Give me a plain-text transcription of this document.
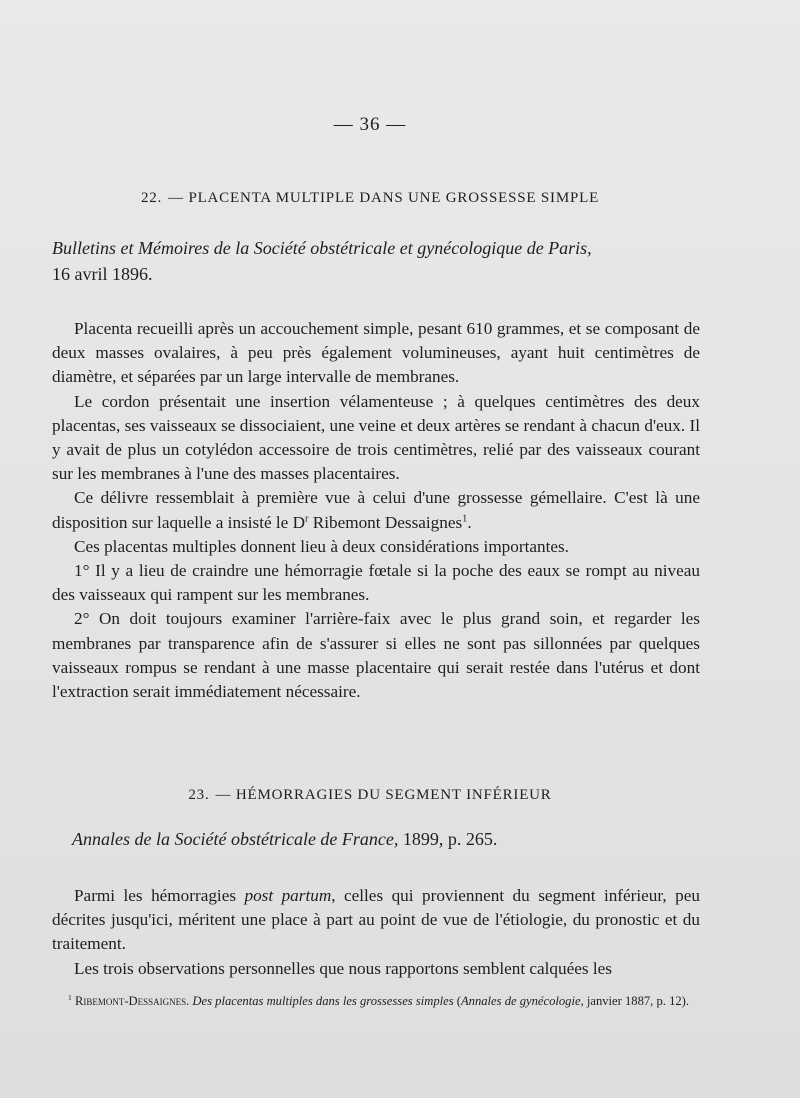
— 36 —
22. — PLACENTA MULTIPLE DANS UNE GROSSESSE SIMPLE
Bulletins et Mémoires de la Société obstétricale et gynécologique de Paris,
16 avril 1896.

Placenta recueilli après un accouchement simple, pesant 610 grammes, et se composant de deux masses ovalaires, à peu près également volumineuses, ayant huit centimètres de diamètre, et séparées par un large intervalle de membranes.

Le cordon présentait une insertion vélamenteuse ; à quelques centimètres des deux placentas, ses vaisseaux se dissociaient, une veine et deux artères se rendant à chacun d'eux. Il y avait de plus un cotylédon accessoire de trois centimètres, relié par des vaisseaux courant sur les membranes à l'une des masses placentaires.

Ce délivre ressemblait à première vue à celui d'une grossesse gémellaire. C'est là une disposition sur laquelle a insisté le $D^r$ Ribemont Dessaignes$^1$.

Ces placentas multiples donnent lieu à deux considérations importantes.

1° Il y a lieu de craindre une hémorragie fœtale si la poche des eaux se rompt au niveau des vaisseaux qui rampent sur les membranes.

2° On doit toujours examiner l'arrière-faix avec le plus grand soin, et regarder les membranes par transparence afin de s'assurer si elles ne sont pas sillonnées par quelques vaisseaux rompus se rendant à une masse placentaire qui serait restée dans l'utérus et dont l'extraction serait immédiatement nécessaire.

23. — HÉMORRAGIES DU SEGMENT INFÉRIEUR
Annales de la Société obstétricale de France, 1899, p. 265.

Parmi les hémorragies post partum, celles qui proviennent du segment inférieur, peu décrites jusqu'ici, méritent une place à part au point de vue de l'étiologie, du pronostic et du traitement.

Les trois observations personnelles que nous rapportons semblent calquées les

$^1$ Ribemont-Dessaignes. Des placentas multiples dans les grossesses simples (Annales de gynécologie, janvier 1887, p. 12).
